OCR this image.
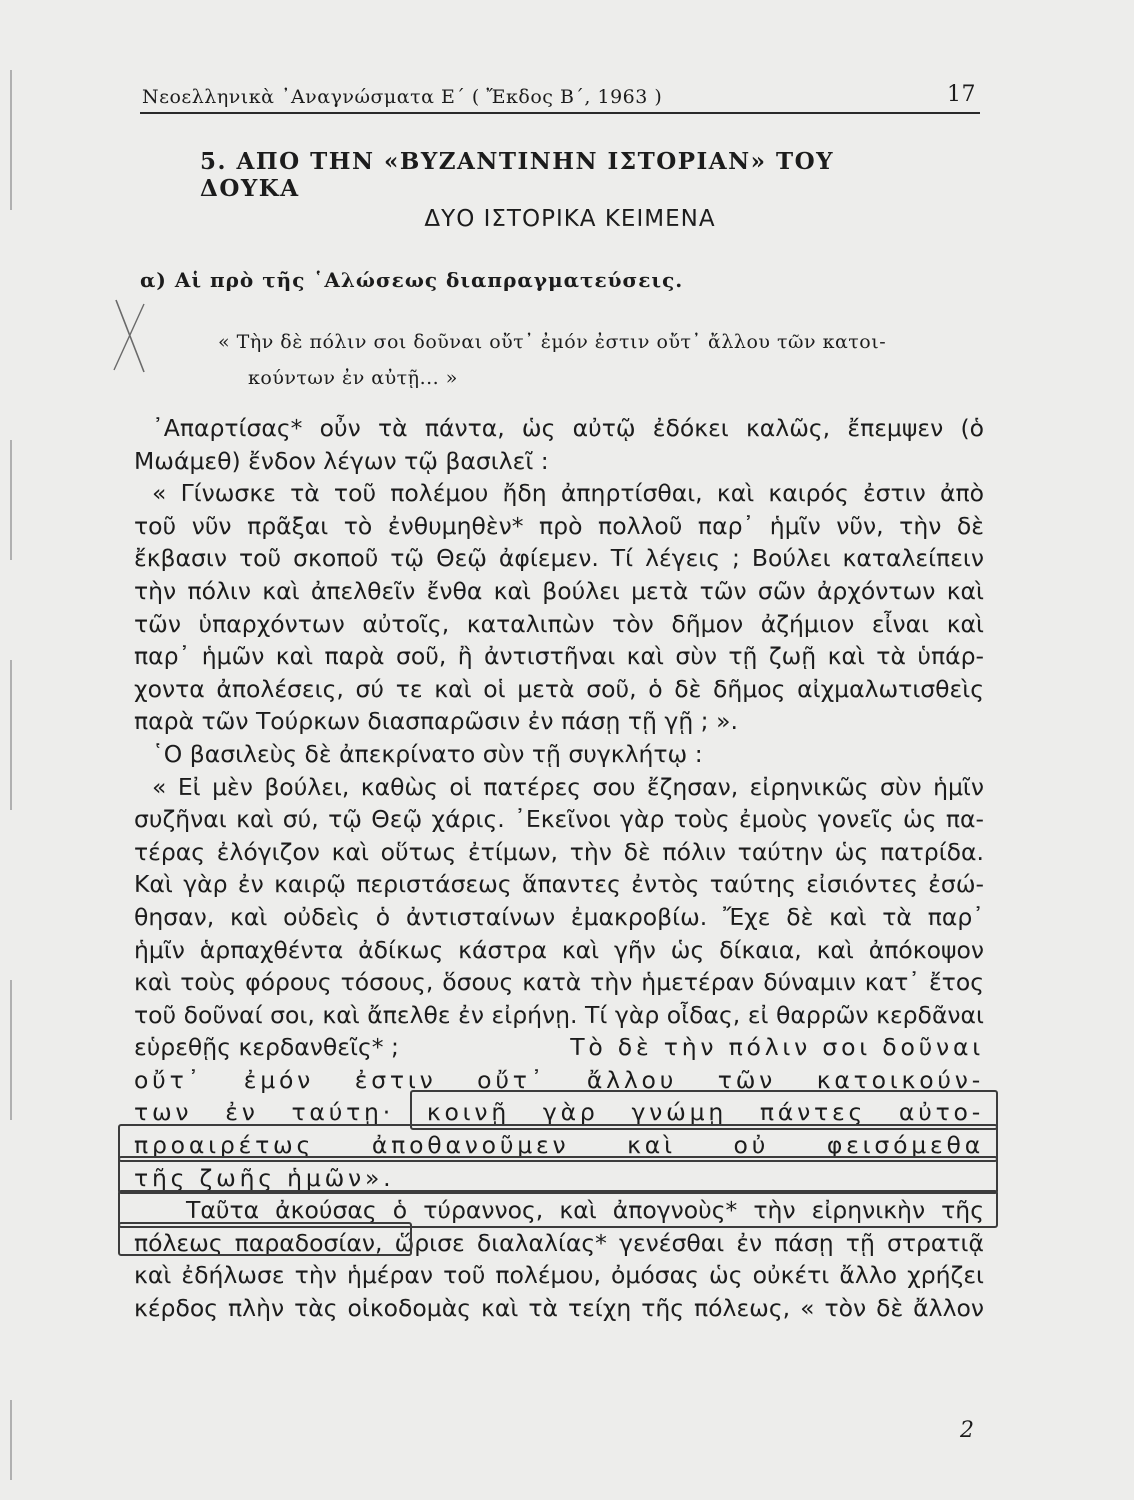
Νεοελληνικὰ ᾿Αναγνώσματα Ε΄ ( Ἔκδος Β΄, 1963 )	17
5. ΑΠΟ ΤΗΝ «ΒΥΖΑΝΤΙΝΗΝ ΙΣΤΟΡΙΑΝ» ΤΟΥ ΔΟΥΚΑ
ΔΥΟ ΙΣΤΟΡΙΚΑ ΚΕΙΜΕΝΑ
α) Αἱ πρὸ τῆς ῾Αλώσεως διαπραγματεύσεις.
« Τὴν δὲ πόλιν σοι δοῦναι οὔτ᾿ ἐμόν ἐστιν οὔτ᾿ ἄλλου τῶν κατοι-
κούντων ἐν αὐτῇ... »
᾿Απαρτίσας* οὖν τὰ πάντα, ὡς αὐτῷ ἐδόκει καλῶς, ἔπεμψεν (ὁ
Μωάμεθ) ἔνδον λέγων τῷ βασιλεῖ :
« Γίνωσκε τὰ τοῦ πολέμου ἤδη ἀπηρτίσθαι, καὶ καιρός ἐστιν ἀπὸ
τοῦ νῦν πρᾶξαι τὸ ἐνθυμηθὲν* πρὸ πολλοῦ παρ᾿ ἡμῖν νῦν, τὴν δὲ
ἔκβασιν τοῦ σκοποῦ τῷ Θεῷ ἀφίεμεν. Τί λέγεις ; Βούλει καταλείπειν
τὴν πόλιν καὶ ἀπελθεῖν ἔνθα καὶ βούλει μετὰ τῶν σῶν ἀρχόντων καὶ
τῶν ὑπαρχόντων αὐτοῖς, καταλιπὼν τὸν δῆμον ἀζήμιον εἶναι καὶ
παρ᾿ ἡμῶν καὶ παρὰ σοῦ, ἢ ἀντιστῆναι καὶ σὺν τῇ ζωῇ καὶ τὰ ὑπάρ-
χοντα ἀπολέσεις, σύ τε καὶ οἱ μετὰ σοῦ, ὁ δὲ δῆμος αἰχμαλωτισθεὶς
παρὰ τῶν Τούρκων διασπαρῶσιν ἐν πάσῃ τῇ γῇ ; ».
῾Ο βασιλεὺς δὲ ἀπεκρίνατο σὺν τῇ συγκλήτῳ :
« Εἰ μὲν βούλει, καθὼς οἱ πατέρες σου ἔζησαν, εἰρηνικῶς σὺν ἡμῖν
συζῆναι καὶ σύ, τῷ Θεῷ χάρις. ᾿Εκεῖνοι γὰρ τοὺς ἐμοὺς γονεῖς ὡς πα-
τέρας ἐλόγιζον καὶ οὕτως ἐτίμων, τὴν δὲ πόλιν ταύτην ὡς πατρίδα.
Καὶ γὰρ ἐν καιρῷ περιστάσεως ἅπαντες ἐντὸς ταύτης εἰσιόντες ἐσώ-
θησαν, καὶ οὐδεὶς ὁ ἀντισταίνων ἐμακροβίω. Ἔχε δὲ καὶ τὰ παρ᾿
ἡμῖν ἁρπαχθέντα ἀδίκως κάστρα καὶ γῆν ὡς δίκαια, καὶ ἀπόκοψον
καὶ τοὺς φόρους τόσους, ὅσους κατὰ τὴν ἡμετέραν δύναμιν κατ᾿ ἔτος
τοῦ δοῦναί σοι, καὶ ἄπελθε ἐν εἰρήνῃ. Τί γὰρ οἶδας, εἰ θαρρῶν κερδᾶναι
εὑρεθῇς κερδανθεῖς* ;	Τὸ δὲ τὴν πόλιν σοι δοῦναι
οὔτ᾿ ἐμόν ἐστιν οὔτ᾿ ἄλλου τῶν κατοικούν-
των ἐν ταύτῃ· κοινῇ γὰρ γνώμῃ πάντες αὐτο-
προαιρέτως ἀποθανοῦμεν καὶ οὐ φεισόμεθα
τῆς ζωῆς ἡμῶν».
Ταῦτα ἀκούσας ὁ τύραννος, καὶ ἀπογνοὺς* τὴν εἰρηνικὴν τῆς
πόλεως παραδοσίαν, ὥρισε διαλαλίας* γενέσθαι ἐν πάσῃ τῇ στρατιᾷ
καὶ ἐδήλωσε τὴν ἡμέραν τοῦ πολέμου, ὀμόσας ὡς οὐκέτι ἄλλο χρήζει
κέρδος πλὴν τὰς οἰκοδομὰς καὶ τὰ τείχη τῆς πόλεως, « τὸν δὲ ἄλλον
2
